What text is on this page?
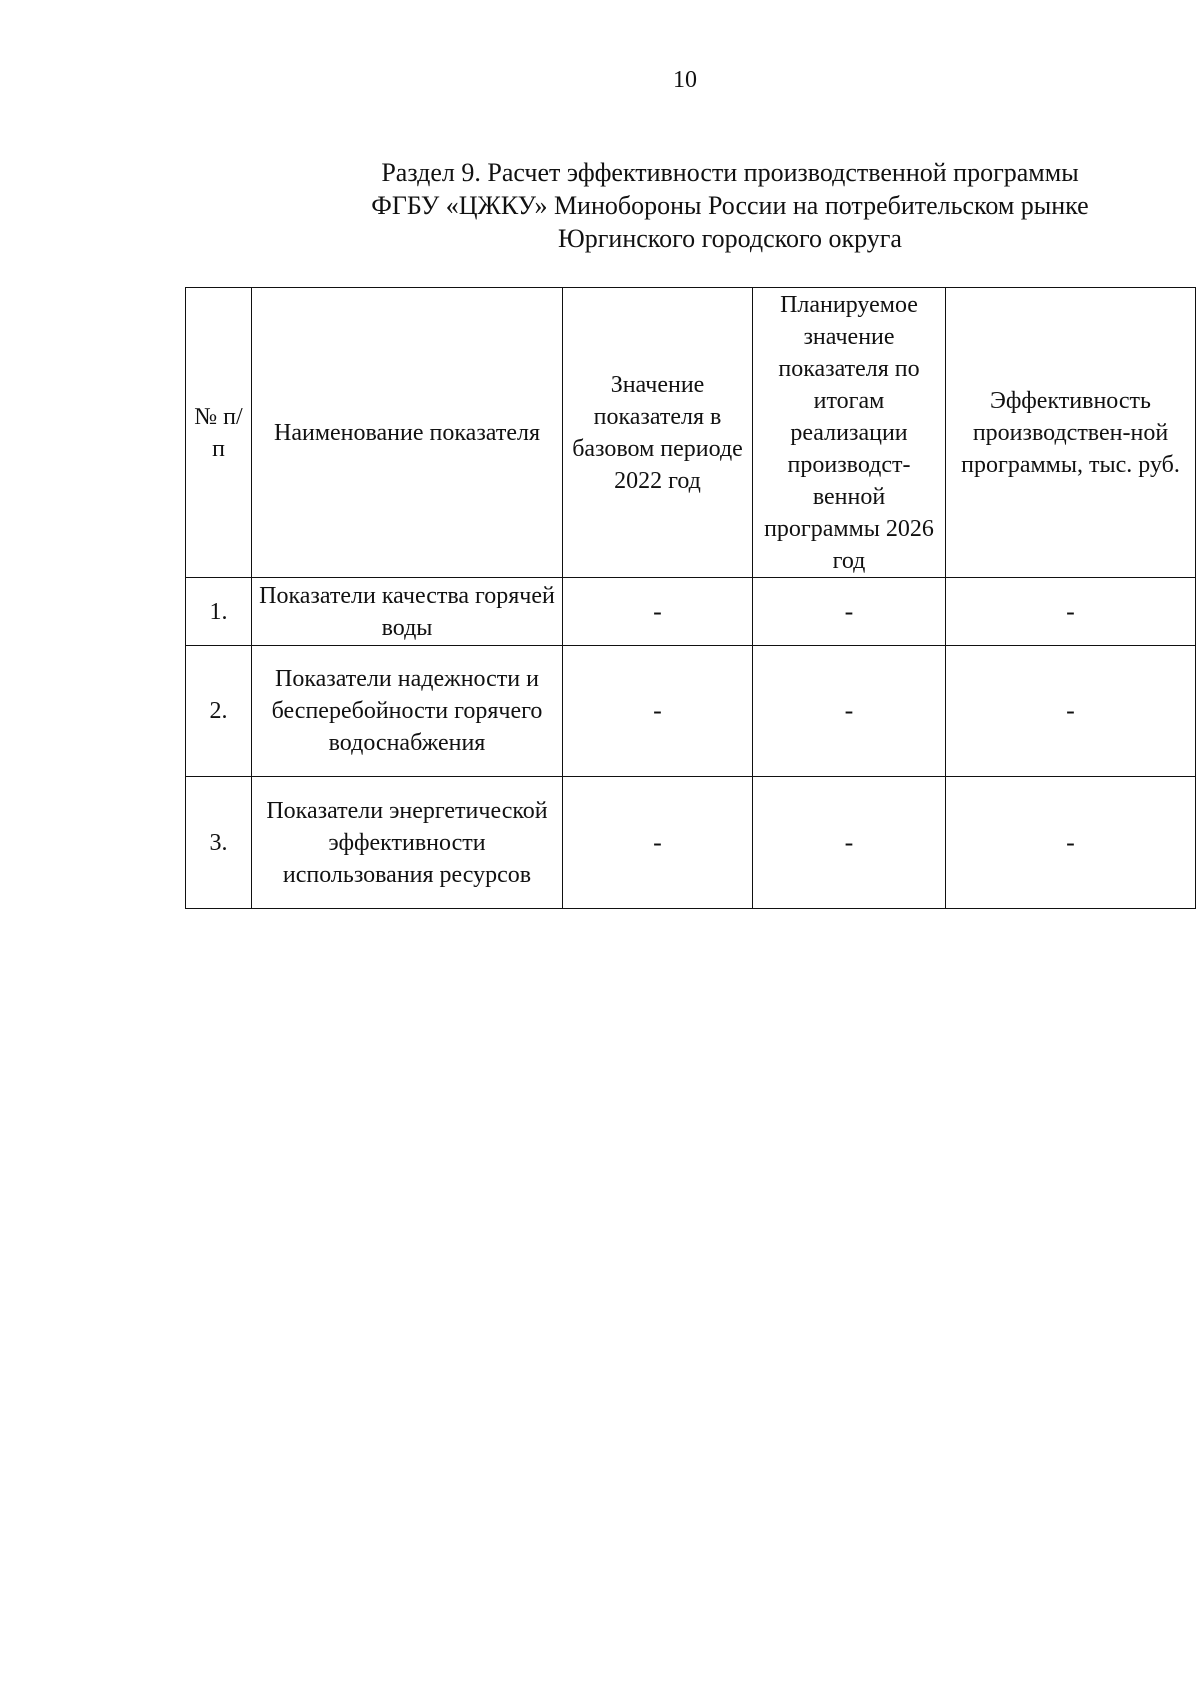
10
Раздел 9. Расчет эффективности производственной программы
ФГБУ «ЦЖКУ» Минобороны России на потребительском рынке
Юргинского городского округа
№ п/п	Наименование показателя	Значение показателя в базовом периоде 2022 год	Планируемое значение показателя по итогам реализации производст-венной программы 2026 год	Эффективность производствен-ной программы, тыс. руб.
1.	Показатели качества горячей воды	-	-	-
2.	Показатели надежности и бесперебойности горячего водоснабжения	-	-	-
3.	Показатели энергетической эффективности использования ресурсов	-	-	-
